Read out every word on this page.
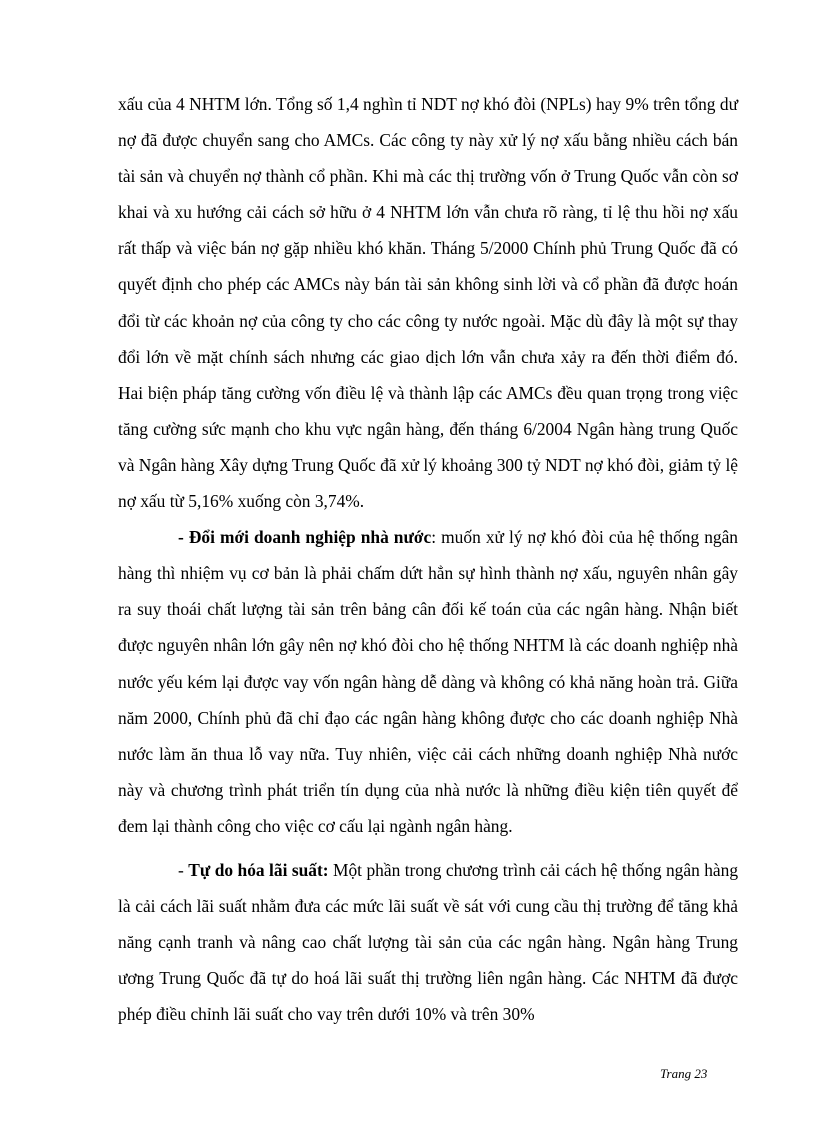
xấu của 4 NHTM lớn. Tổng số 1,4 nghìn tỉ NDT nợ khó đòi (NPLs) hay 9% trên tổng dư nợ đã được chuyển sang cho AMCs. Các công ty này xử lý nợ xấu bằng nhiều cách bán tài sản và chuyển nợ thành cổ phần. Khi mà các thị trường vốn ở Trung Quốc vẫn còn sơ khai và xu hướng cải cách sở hữu ở 4 NHTM lớn vẫn chưa rõ ràng, tỉ lệ thu hồi nợ xấu rất thấp và việc bán nợ gặp nhiều khó khăn. Tháng 5/2000 Chính phủ Trung Quốc đã có quyết định cho phép các AMCs này bán tài sản không sinh lời và cổ phần đã được hoán đổi từ các khoản nợ của công ty cho các công ty nước ngoài. Mặc dù đây là một sự thay đổi lớn về mặt chính sách nhưng các giao dịch lớn vẫn chưa xảy ra đến thời điểm đó. Hai biện pháp tăng cường vốn điều lệ và thành lập các AMCs đều quan trọng trong việc tăng cường sức mạnh cho khu vực ngân hàng, đến tháng 6/2004 Ngân hàng trung Quốc và Ngân hàng Xây dựng Trung Quốc đã xử lý khoảng 300 tỷ NDT nợ khó đòi, giảm tỷ lệ nợ xấu từ 5,16% xuống còn 3,74%.

- Đổi mới doanh nghiệp nhà nước: muốn xử lý nợ khó đòi của hệ thống ngân hàng thì nhiệm vụ cơ bản là phải chấm dứt hẳn sự hình thành nợ xấu, nguyên nhân gây ra suy thoái chất lượng tài sản trên bảng cân đối kế toán của các ngân hàng. Nhận biết được nguyên nhân lớn gây nên nợ khó đòi cho hệ thống NHTM là các doanh nghiệp nhà nước yếu kém lại được vay vốn ngân hàng dễ dàng và không có khả năng hoàn trả. Giữa năm 2000, Chính phủ đã chỉ đạo các ngân hàng không được cho các doanh nghiệp Nhà nước làm ăn thua lỗ vay nữa. Tuy nhiên, việc cải cách những doanh nghiệp Nhà nước này và chương trình phát triển tín dụng của nhà nước là những điều kiện tiên quyết để đem lại thành công cho việc cơ cấu lại ngành ngân hàng.

- Tự do hóa lãi suất: Một phần trong chương trình cải cách hệ thống ngân hàng là cải cách lãi suất nhằm đưa các mức lãi suất về sát với cung cầu thị trường để tăng khả năng cạnh tranh và nâng cao chất lượng tài sản của các ngân hàng. Ngân hàng Trung ương Trung Quốc đã tự do hoá lãi suất thị trường liên ngân hàng. Các NHTM đã được phép điều chỉnh lãi suất cho vay trên dưới 10% và trên 30%

Trang 23
